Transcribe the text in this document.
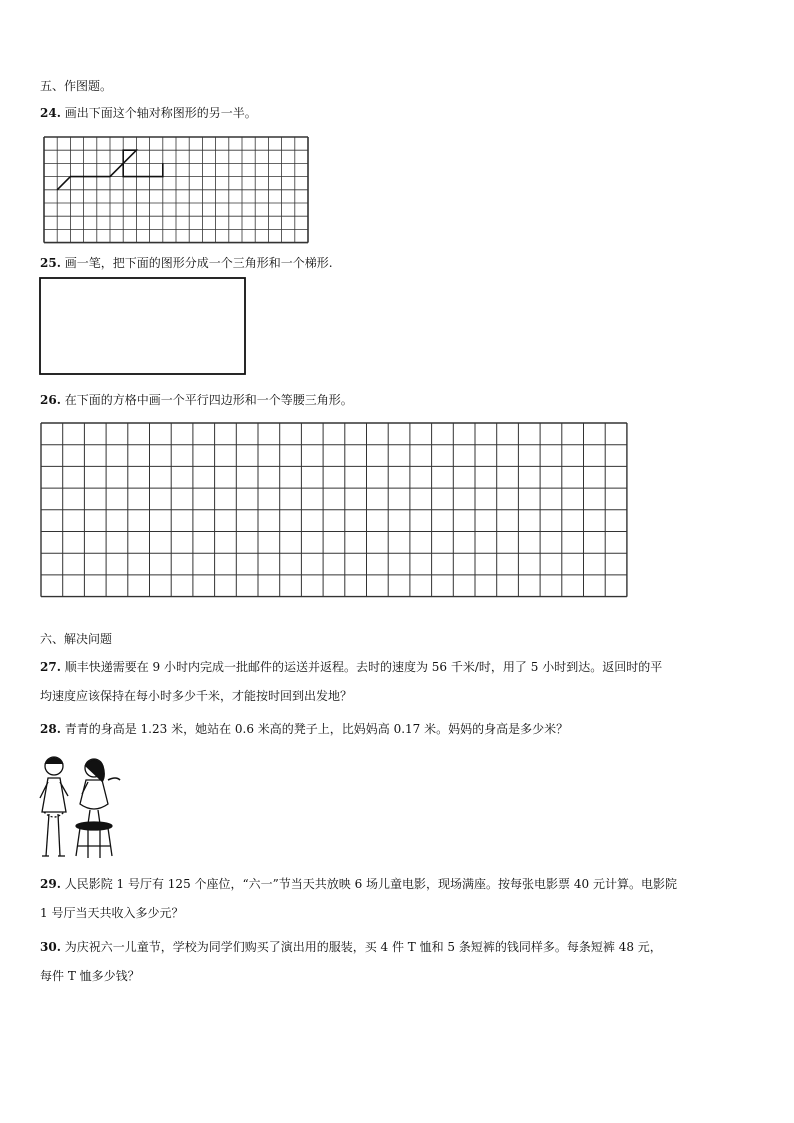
五、作图题。
24. 画出下面这个轴对称图形的另一半。
25. 画一笔，把下面的图形分成一个三角形和一个梯形.
26. 在下面的方格中画一个平行四边形和一个等腰三角形。
六、解决问题
27. 顺丰快递需要在 9 小时内完成一批邮件的运送并返程。去时的速度为 56 千米/时，用了 5 小时到达。返回时的平
均速度应该保持在每小时多少千米，才能按时回到出发地？
28. 青青的身高是 1.23 米，她站在 0.6 米高的凳子上，比妈妈高 0.17 米。妈妈的身高是多少米？
29. 人民影院 1 号厅有 125 个座位，“六一”节当天共放映 6 场儿童电影，现场满座。按每张电影票 40 元计算。电影院
1 号厅当天共收入多少元？
30. 为庆祝六一儿童节，学校为同学们购买了演出用的服装，买 4 件 T 恤和 5 条短裤的钱同样多。每条短裤 48 元，
每件 T 恤多少钱？
